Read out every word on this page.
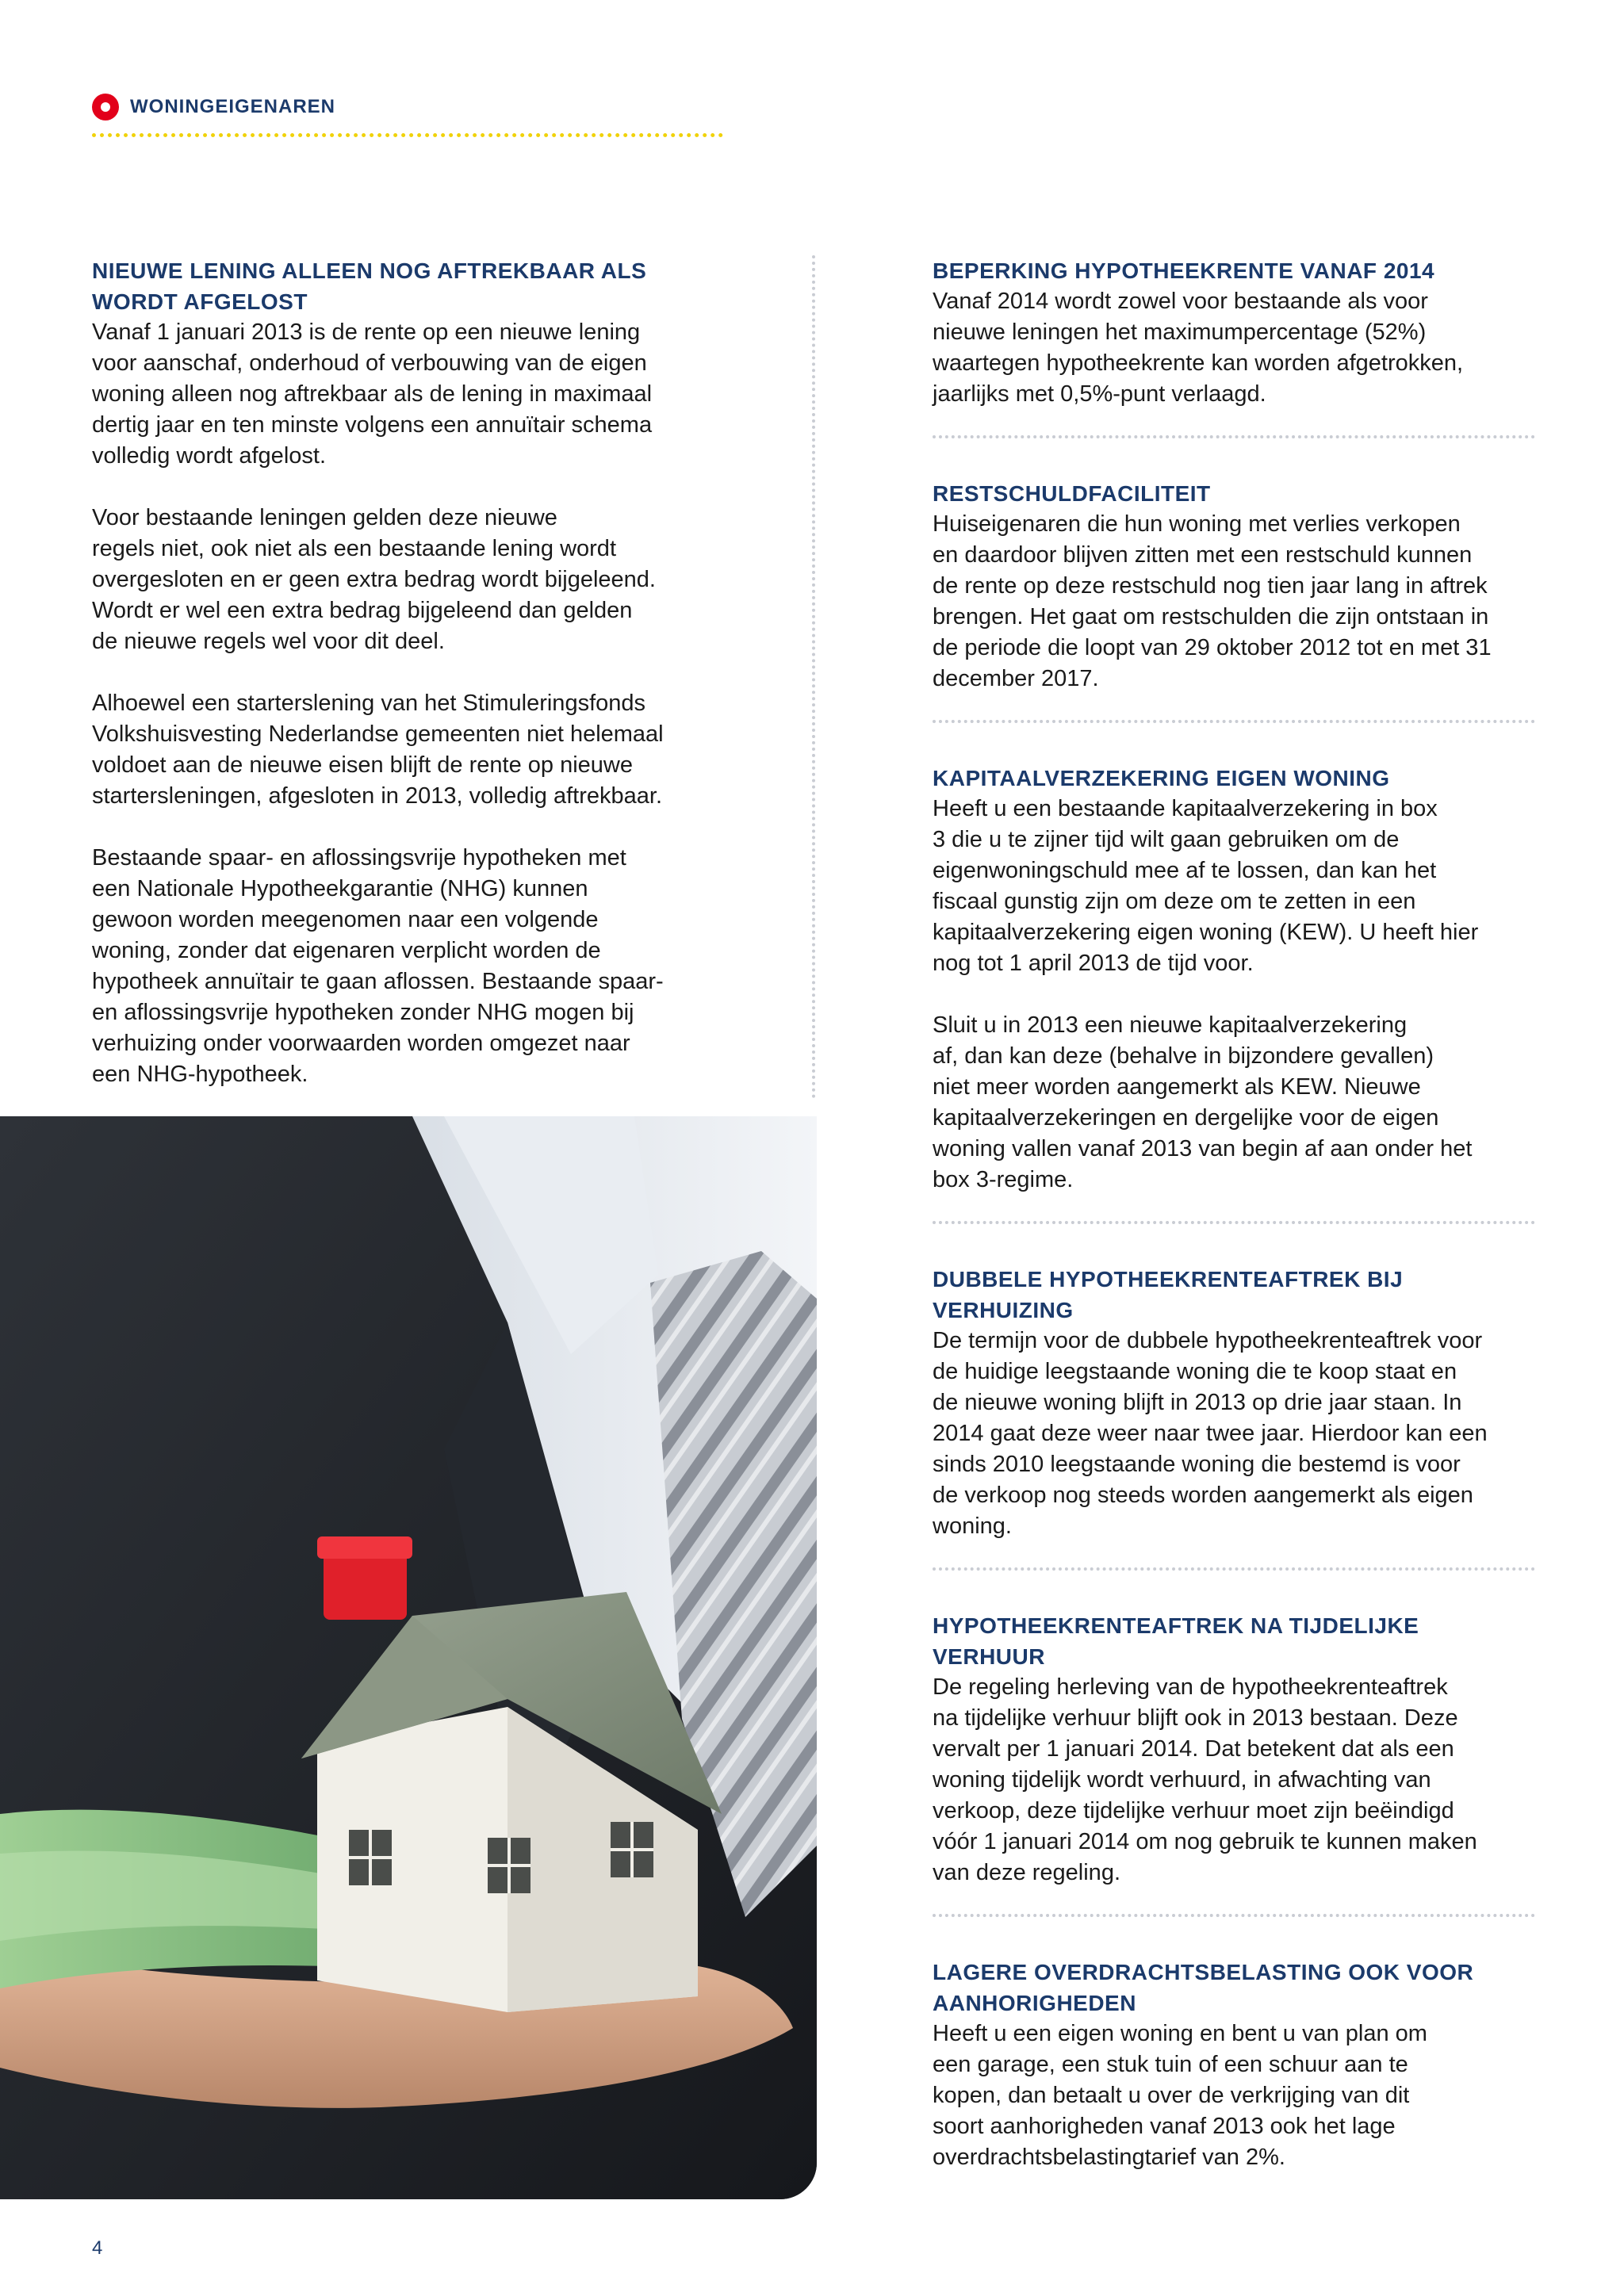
WONINGEIGENAREN
NIEUWE LENING ALLEEN NOG AFTREKBAAR ALS
WORDT AFGELOST

Vanaf 1 januari 2013 is de rente op een nieuwe lening
voor aanschaf, onderhoud of verbouwing van de eigen
woning alleen nog aftrekbaar als de lening in maximaal
dertig jaar en ten minste volgens een annuïtair schema
volledig wordt afgelost.

Voor bestaande leningen gelden deze nieuwe
regels niet, ook niet als een bestaande lening wordt
overgesloten en er geen extra bedrag wordt bijgeleend.
Wordt er wel een extra bedrag bijgeleend dan gelden
de nieuwe regels wel voor dit deel.

Alhoewel een starterslening van het Stimuleringsfonds
Volkshuisvesting Nederlandse gemeenten niet helemaal
voldoet aan de nieuwe eisen blijft de rente op nieuwe
startersleningen, afgesloten in 2013, volledig aftrekbaar.

Bestaande spaar- en aflossingsvrije hypotheken met
een Nationale Hypotheekgarantie (NHG) kunnen
gewoon worden meegenomen naar een volgende
woning, zonder dat eigenaren verplicht worden de
hypotheek annuïtair te gaan aflossen. Bestaande spaar-
en aflossingsvrije hypotheken zonder NHG mogen bij
verhuizing onder voorwaarden worden omgezet naar
een NHG-hypotheek.

BEPERKING HYPOTHEEKRENTE VANAF 2014

Vanaf 2014 wordt zowel voor bestaande als voor
nieuwe leningen het maximumpercentage (52%)
waartegen hypotheekrente kan worden afgetrokken,
jaarlijks met 0,5%-punt verlaagd.

RESTSCHULDFACILITEIT

Huiseigenaren die hun woning met verlies verkopen
en daardoor blijven zitten met een restschuld kunnen
de rente op deze restschuld nog tien jaar lang in aftrek
brengen. Het gaat om restschulden die zijn ontstaan in
de periode die loopt van 29 oktober 2012 tot en met 31
december 2017.

KAPITAALVERZEKERING EIGEN WONING

Heeft u een bestaande kapitaalverzekering in box
3 die u te zijner tijd wilt gaan gebruiken om de
eigenwoningschuld mee af te lossen, dan kan het
fiscaal gunstig zijn om deze om te zetten in een
kapitaalverzekering eigen woning (KEW). U heeft hier
nog tot 1 april 2013 de tijd voor.

Sluit u in 2013 een nieuwe kapitaalverzekering
af, dan kan deze (behalve in bijzondere gevallen)
niet meer worden aangemerkt als KEW. Nieuwe
kapitaalverzekeringen en dergelijke voor de eigen
woning vallen vanaf 2013 van begin af aan onder het
box 3-regime.

DUBBELE HYPOTHEEKRENTEAFTREK BIJ
VERHUIZING

De termijn voor de dubbele hypotheekrenteaftrek voor
de huidige leegstaande woning die te koop staat en
de nieuwe woning blijft in 2013 op drie jaar staan. In
2014 gaat deze weer naar twee jaar. Hierdoor kan een
sinds 2010 leegstaande woning die bestemd is voor
de verkoop nog steeds worden aangemerkt als eigen
woning.

HYPOTHEEKRENTEAFTREK NA TIJDELIJKE VERHUUR

De regeling herleving van de hypotheekrenteaftrek
na tijdelijke verhuur blijft ook in 2013 bestaan. Deze
vervalt per 1 januari 2014. Dat betekent dat als een
woning tijdelijk wordt verhuurd, in afwachting van
verkoop, deze tijdelijke verhuur moet zijn beëindigd
vóór 1 januari 2014 om nog gebruik te kunnen maken
van deze regeling.

LAGERE OVERDRACHTSBELASTING OOK VOOR
AANHORIGHEDEN

Heeft u een eigen woning en bent u van plan om
een garage, een stuk tuin of een schuur aan te
kopen, dan betaalt u over de verkrijging van dit
soort aanhorigheden vanaf 2013 ook het lage
overdrachtsbelastingtarief van 2%.

4
